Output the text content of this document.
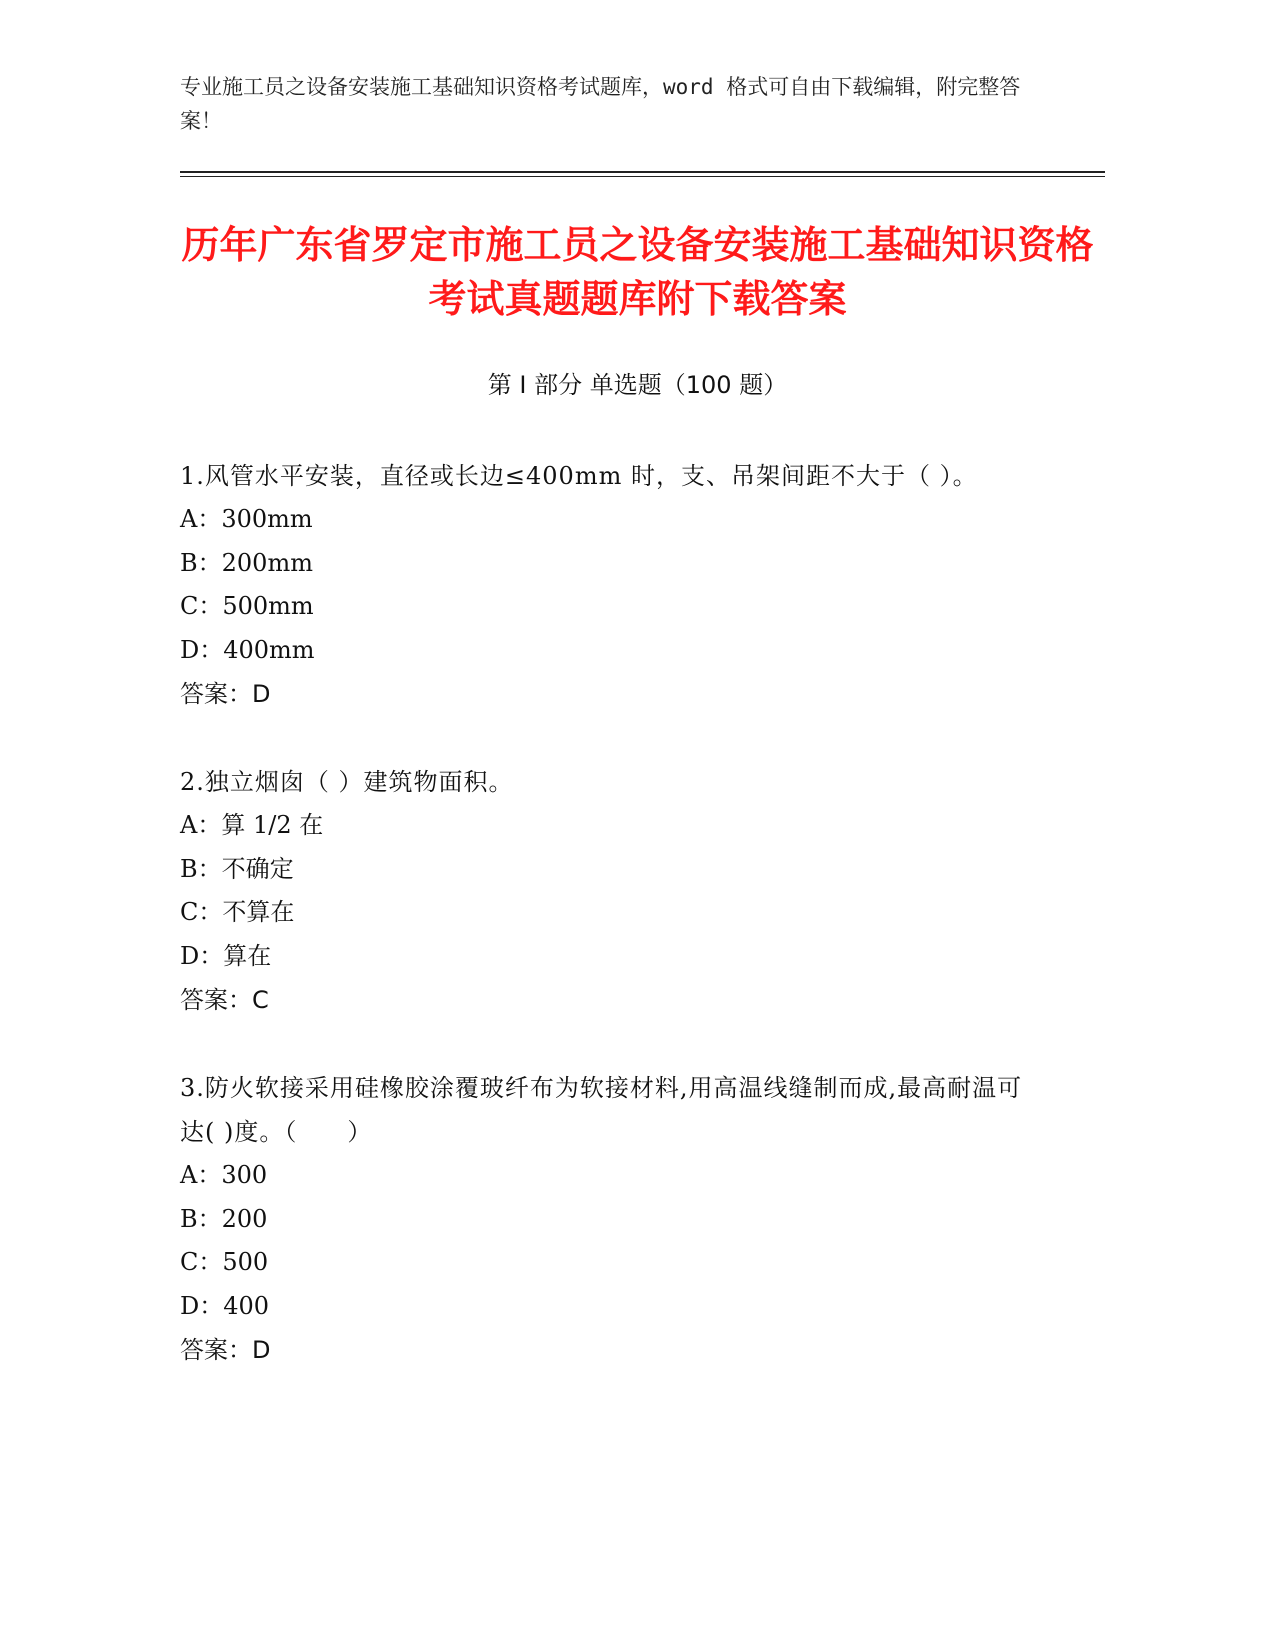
专业施工员之设备安装施工基础知识资格考试题库，word 格式可自由下载编辑，附完整答案！
历年广东省罗定市施工员之设备安装施工基础知识资格考试真题题库附下载答案
第 I 部分 单选题（100 题）

1.风管水平安装，直径或长边≤400mm 时，支、吊架间距不大于（ ）。

A：300mm

B：200mm

C：500mm

D：400mm

答案：D

2.独立烟囱（ ）建筑物面积。

A：算 1/2 在

B：不确定

C：不算在

D：算在

答案：C

3.防火软接采用硅橡胶涂覆玻纤布为软接材料,用高温线缝制而成,最高耐温可达( )度。（　　）

A：300

B：200

C：500

D：400

答案：D
